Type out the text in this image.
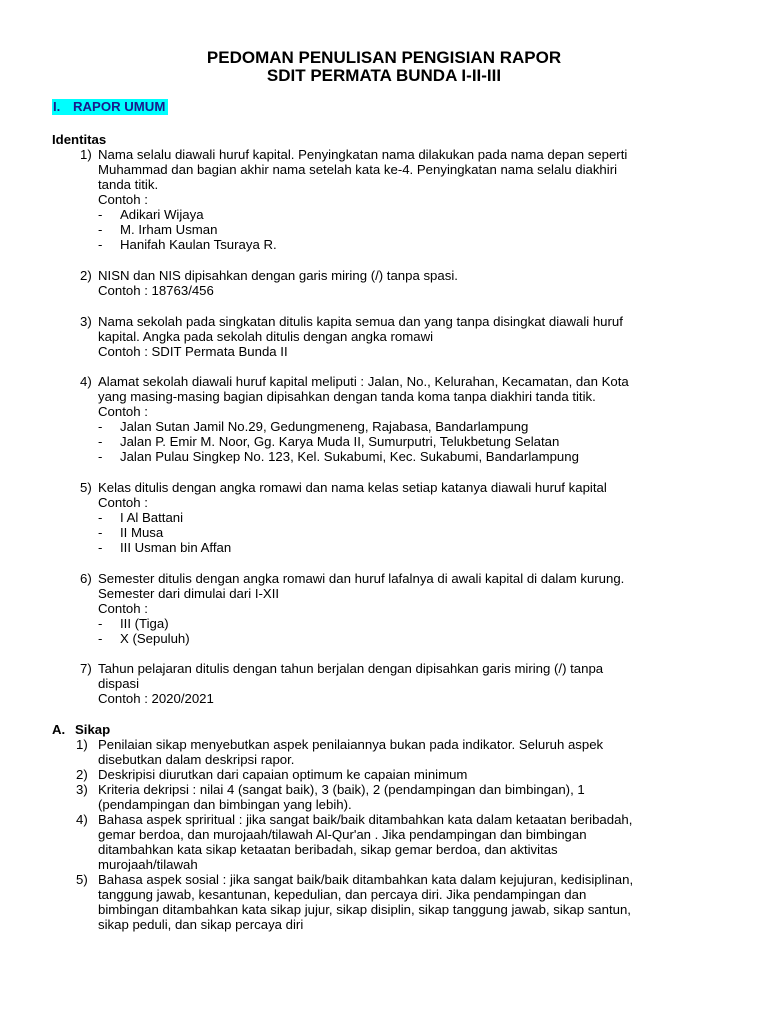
PEDOMAN PENULISAN PENGISIAN RAPOR
SDIT PERMATA BUNDA I-II-III
I. RAPOR UMUM
Identitas
1) Nama selalu diawali huruf kapital. Penyingkatan nama dilakukan pada nama depan seperti
Muhammad dan bagian akhir nama setelah kata ke-4. Penyingkatan nama selalu diakhiri
tanda titik.
Contoh :
- Adikari Wijaya
- M. Irham Usman
- Hanifah Kaulan Tsuraya R.
2) NISN dan NIS dipisahkan dengan garis miring (/) tanpa spasi.
Contoh : 18763/456
3) Nama sekolah pada singkatan ditulis kapita semua dan yang tanpa disingkat diawali huruf
kapital. Angka pada sekolah ditulis dengan angka romawi
Contoh : SDIT Permata Bunda II
4) Alamat sekolah diawali huruf kapital meliputi : Jalan, No., Kelurahan, Kecamatan, dan Kota
yang masing-masing bagian dipisahkan dengan tanda koma tanpa diakhiri tanda titik.
Contoh :
- Jalan Sutan Jamil No.29, Gedungmeneng, Rajabasa, Bandarlampung
- Jalan P. Emir M. Noor, Gg. Karya Muda II, Sumurputri, Telukbetung Selatan
- Jalan Pulau Singkep No. 123, Kel. Sukabumi, Kec. Sukabumi, Bandarlampung
5) Kelas ditulis dengan angka romawi dan nama kelas setiap katanya diawali huruf kapital
Contoh :
- I Al Battani
- II Musa
- III Usman bin Affan
6) Semester ditulis dengan angka romawi dan huruf lafalnya di awali kapital di dalam kurung.
Semester dari dimulai dari I-XII
Contoh :
- III (Tiga)
- X (Sepuluh)
7) Tahun pelajaran ditulis dengan tahun berjalan dengan dipisahkan garis miring (/) tanpa
dispasi
Contoh : 2020/2021
A. Sikap
1) Penilaian sikap menyebutkan aspek penilaiannya bukan pada indikator. Seluruh aspek
disebutkan dalam deskripsi rapor.
2) Deskripisi diurutkan dari capaian optimum ke capaian minimum
3) Kriteria dekripsi : nilai 4 (sangat baik), 3 (baik), 2 (pendampingan dan bimbingan), 1
(pendampingan dan bimbingan yang lebih).
4) Bahasa aspek spriritual : jika sangat baik/baik ditambahkan kata dalam ketaatan beribadah,
gemar berdoa, dan murojaah/tilawah Al-Qur'an . Jika pendampingan dan bimbingan
ditambahkan kata sikap ketaatan beribadah, sikap gemar berdoa, dan aktivitas
murojaah/tilawah
5) Bahasa aspek sosial : jika sangat baik/baik ditambahkan kata dalam kejujuran, kedisiplinan,
tanggung jawab, kesantunan, kepedulian, dan percaya diri. Jika pendampingan dan
bimbingan ditambahkan kata sikap jujur, sikap disiplin, sikap tanggung jawab, sikap santun,
sikap peduli, dan sikap percaya diri
